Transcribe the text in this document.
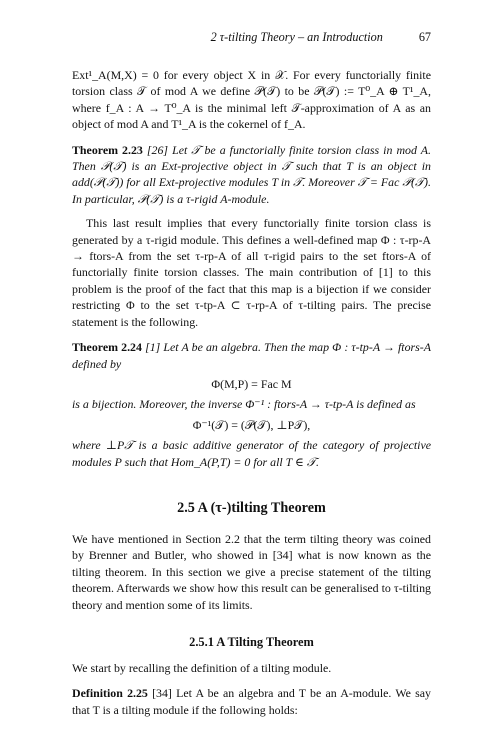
2 τ-tilting Theory – an Introduction	67

Ext¹_A(M,X) = 0 for every object X in 𝒳. For every functorially finite torsion class 𝒯 of mod A we define 𝒫(𝒯) to be 𝒫(𝒯) := T⁰_A ⊕ T¹_A, where f_A : A → T⁰_A is the minimal left 𝒯-approximation of A as an object of mod A and T¹_A is the cokernel of f_A.

Theorem 2.23 [26] Let 𝒯 be a functorially finite torsion class in mod A. Then 𝒫(𝒯) is an Ext-projective object in 𝒯 such that T is an object in add(𝒫(𝒯)) for all Ext-projective modules T in 𝒯. Moreover 𝒯 = Fac 𝒫(𝒯). In particular, 𝒫(𝒯) is a τ-rigid A-module.

This last result implies that every functorially finite torsion class is generated by a τ-rigid module. This defines a well-defined map Φ : τ-rp-A → ftors-A from the set τ-rp-A of all τ-rigid pairs to the set ftors-A of functorially finite torsion classes. The main contribution of [1] to this problem is the proof of the fact that this map is a bijection if we consider restricting Φ to the set τ-tp-A ⊂ τ-rp-A of τ-tilting pairs. The precise statement is the following.

Theorem 2.24 [1] Let A be an algebra. Then the map Φ : τ-tp-A → ftors-A defined by

Φ(M,P) = Fac M

is a bijection. Moreover, the inverse Φ⁻¹ : ftors-A → τ-tp-A is defined as

Φ⁻¹(𝒯) = (𝒫(𝒯), ⊥P𝒯),

where ⊥P𝒯 is a basic additive generator of the category of projective modules P such that Hom_A(P,T) = 0 for all T ∈ 𝒯.

2.5 A (τ-)tilting Theorem

We have mentioned in Section 2.2 that the term tilting theory was coined by Brenner and Butler, who showed in [34] what is now known as the tilting theorem. In this section we give a precise statement of the tilting theorem. Afterwards we show how this result can be generalised to τ-tilting theory and mention some of its limits.

2.5.1 A Tilting Theorem

We start by recalling the definition of a tilting module.

Definition 2.25 [34] Let A be an algebra and T be an A-module. We say that T is a tilting module if the following holds:
